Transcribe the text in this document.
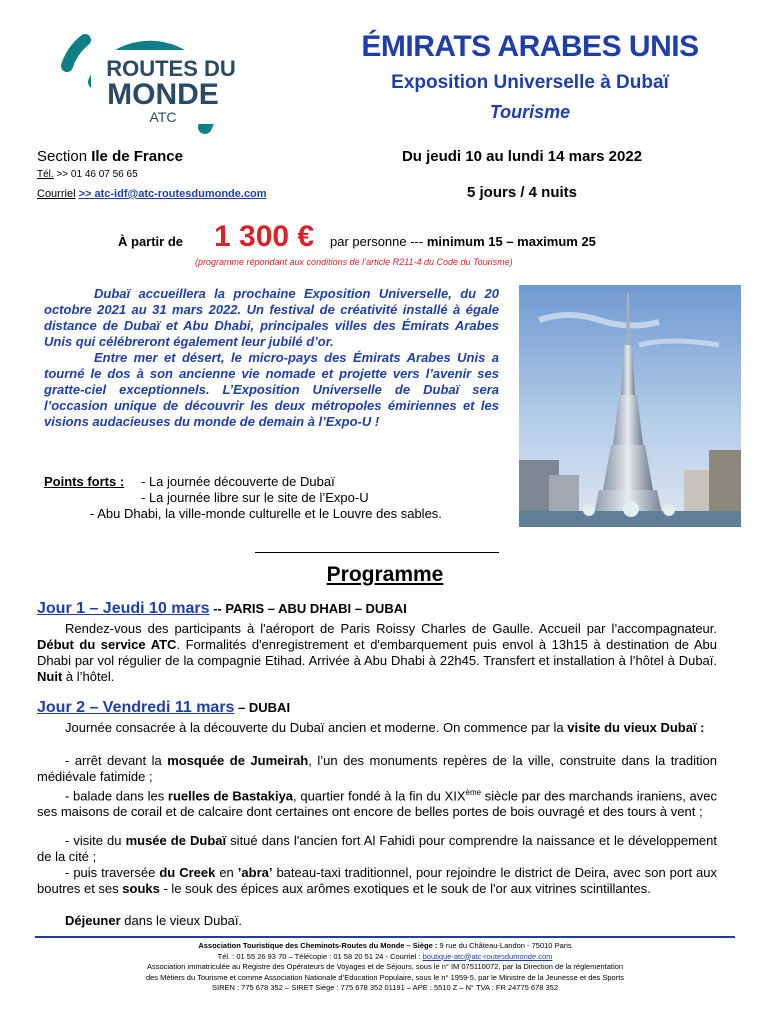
ROUTES DU
MONDE
ATC
ÉMIRATS ARABES UNIS
Exposition Universelle à Dubaï
Tourisme
Section Ile de France
Tél. >> 01 46 07 56 65
Courriel >> atc-idf@atc-routesdumonde.com
Du jeudi 10 au lundi 14 mars 2022
5 jours / 4 nuits
À partir de 1 300 € par personne --- minimum 15 – maximum 25
(programme répondant aux conditions de l’article R211-4 du Code du Tourisme)

Dubaï accueillera la prochaine Exposition Universelle, du 20 octobre 2021 au 31 mars 2022. Un festival de créativité installé à égale distance de Dubaï et Abu Dhabi, principales villes des Émirats Arabes Unis qui célébreront également leur jubilé d’or.

Entre mer et désert, le micro-pays des Émirats Arabes Unis a tourné le dos à son ancienne vie nomade et projette vers l’avenir ses gratte-ciel exceptionnels. L’Exposition Universelle de Dubaï sera l’occasion unique de découvrir les deux métropoles émiriennes et les visions audacieuses du monde de demain à l’Expo-U !

Points forts : - La journée découverte de Dubaï
- La journée libre sur le site de l’Expo-U
- Abu Dhabi, la ville-monde culturelle et le Louvre des sables.
Programme
Jour 1 – Jeudi 10 mars -- PARIS – ABU DHABI – DUBAI
Rendez-vous des participants à l'aéroport de Paris Roissy Charles de Gaulle. Accueil par l’accompagnateur. Début du service ATC. Formalités d'enregistrement et d'embarquement puis envol à 13h15 à destination de Abu Dhabi par vol régulier de la compagnie Etihad. Arrivée à Abu Dhabi à 22h45. Transfert et installation à l’hôtel à Dubaï. Nuit à l’hôtel.
Jour 2 – Vendredi 11 mars – DUBAI
Journée consacrée à la découverte du Dubaï ancien et moderne. On commence par la visite du vieux Dubaï :
- arrêt devant la mosquée de Jumeirah, l’un des monuments repères de la ville, construite dans la tradition médiévale fatimide ;
- balade dans les ruelles de Bastakiya, quartier fondé à la fin du XIXème siècle par des marchands iraniens, avec ses maisons de corail et de calcaire dont certaines ont encore de belles portes de bois ouvragé et des tours à vent ;
- visite du musée de Dubaï situé dans l'ancien fort Al Fahidi pour comprendre la naissance et le développement de la cité ;
- puis traversée du Creek en ’abra’ bateau-taxi traditionnel, pour rejoindre le district de Deira, avec son port aux boutres et ses souks - le souk des épices aux arômes exotiques et le souk de l'or aux vitrines scintillantes.
Déjeuner dans le vieux Dubaï.
Association Touristique des Cheminots-Routes du Monde – Siège : 9 rue du Château-Landon - 75010 Paris
Tél. : 01 55 26 93 70 – Télécopie : 01 58 20 51 24 - Courriel : boutique-atc@atc-routesdumonde.com
Association immatriculée au Registre des Opérateurs de Voyages et de Séjours, sous le n° IM 075110072, par la Direction de la réglementation
des Métiers du Tourisme et comme Association Nationale d’Education Populaire, sous le n° 1959-5, par le Ministre de la Jeunesse et des Sports
SIREN : 775 678 352 – SIRET Siège : 775 678 352 01191 – APE : 5510 Z – N° TVA : FR 24775 678 352
